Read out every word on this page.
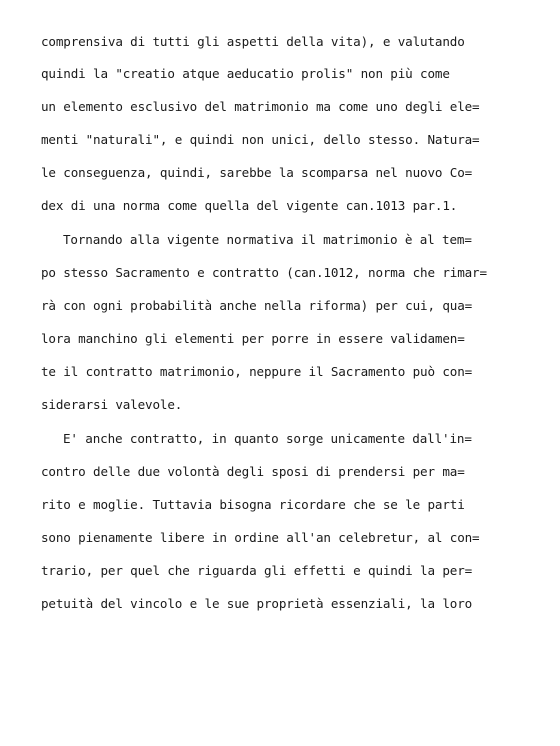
comprensiva di tutti gli aspetti della vita), e valutando
quindi la "creatio atque aeducatio prolis" non più come
un elemento esclusivo del matrimonio ma come uno degli ele=
menti "naturali", e quindi non unici, dello stesso. Natura=
le conseguenza, quindi, sarebbe la scomparsa nel nuovo Co=
dex di una norma come quella del vigente can.1013 par.1.
Tornando alla vigente normativa il matrimonio è al tem=
po stesso Sacramento e contratto (can.1012, norma che rimar=
rà con ogni probabilità anche nella riforma) per cui, qua=
lora manchino gli elementi per porre in essere validamen=
te il contratto matrimonio, neppure il Sacramento può con=
siderarsi valevole.
E' anche contratto, in quanto sorge unicamente dall'in=
contro delle due volontà degli sposi di prendersi per ma=
rito e moglie. Tuttavia bisogna ricordare che se le parti
sono pienamente libere in ordine all'an celebretur, al con=
trario, per quel che riguarda gli effetti e quindi la per=
petuità del vincolo e le sue proprietà essenziali, la loro
